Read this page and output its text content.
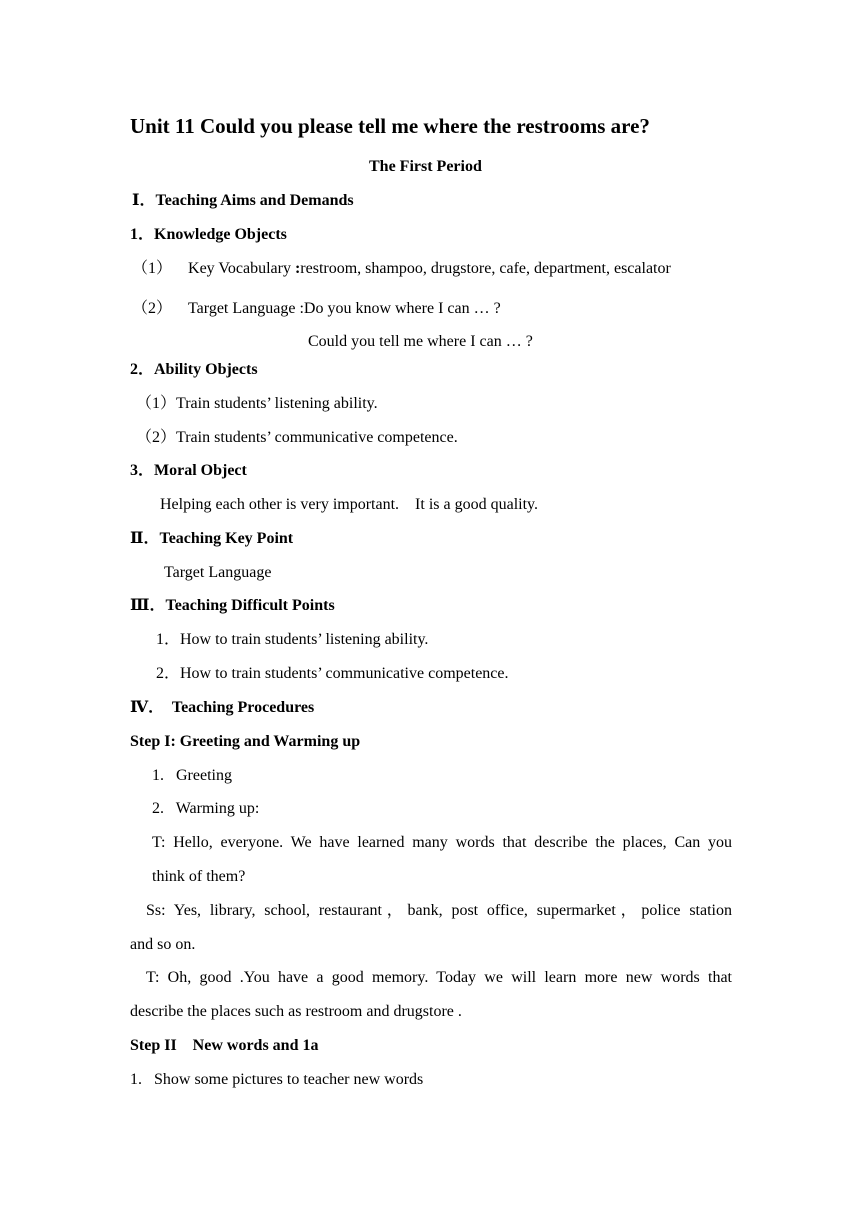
Unit 11 Could you please tell me where the restrooms are?
The First Period
Ⅰ．Teaching Aims and Demands
1．Knowledge Objects
（1） Key Vocabulary :restroom, shampoo, drugstore, cafe, department, escalator
（2） Target Language :Do you know where I can … ?
Could you tell me where I can … ?
2．Ability Objects
（1）Train students’ listening ability.
（2）Train students’ communicative competence.
3．Moral Object
Helping each other is very important.    It is a good quality.
Ⅱ．Teaching Key Point
Target Language
Ⅲ．Teaching Difficult Points
1．How to train students’ listening ability.
2．How to train students’ communicative competence.
Ⅳ．  Teaching Procedures
Step I: Greeting and Warming up
1.   Greeting
2.   Warming up:
T: Hello, everyone. We have learned many words that describe the places, Can you
think of them?
Ss: Yes, library, school, restaurant，bank, post office, supermarket，police station
and so on.
T: Oh, good .You have a good memory. Today we will learn more new words that
describe the places such as restroom and drugstore .
Step II    New words and 1a
1.   Show some pictures to teacher new words
